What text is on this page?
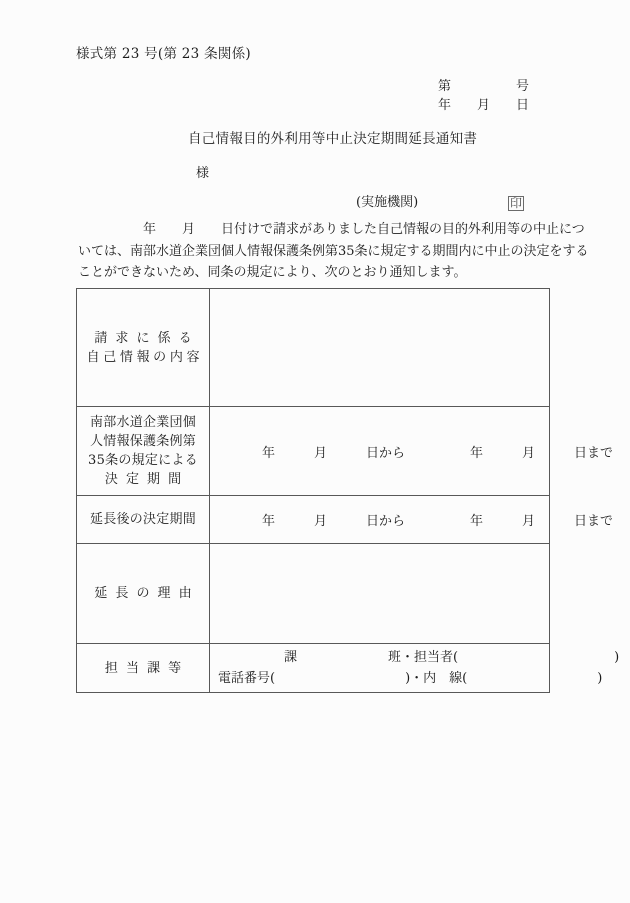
様式第 23 号(第 23 条関係)
第　　　　　号
年　　月　　日
自己情報目的外利用等中止決定期間延長通知書
様
(実施機関)	印
　　　　　年　　月　　日付けで請求がありました自己情報の目的外利用等の中止につ
いては、南部水道企業団個人情報保護条例第35条に規定する期間内に中止の決定をする
ことができないため、同条の規定により、次のとおり通知します。
請求に係る
自己情報の内容	

南部水道企業団個
人情報保護条例第
35条の規定による
決定期間	年　　　月　　　日から　　　　　年　　　月　　　日まで

延長後の決定期間	年　　　月　　　日から　　　　　年　　　月　　　日まで

延長の理由	

担当課等	課　　　　　　　班・担当者(　　　　　　　　　　　　)
電話番号(　　　　　　　　　　)・内　線(　　　　　　　　　　)
